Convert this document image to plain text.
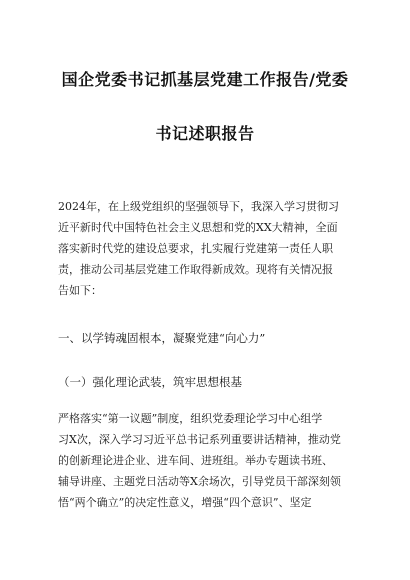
国企党委书记抓基层党建工作报告/党委
书记述职报告
2024年，在上级党组织的坚强领导下，我深入学习贯彻习
近平新时代中国特色社会主义思想和党的XX大精神，全面
落实新时代党的建设总要求，扎实履行党建第一责任人职
责，推动公司基层党建工作取得新成效。现将有关情况报
告如下：
一、以学铸魂固根本，凝聚党建“向心力”
（一）强化理论武装，筑牢思想根基
严格落实“第一议题”制度，组织党委理论学习中心组学
习X次，深入学习习近平总书记系列重要讲话精神，推动党
的创新理论进企业、进车间、进班组。举办专题读书班、
辅导讲座、主题党日活动等X余场次，引导党员干部深刻领
悟“两个确立”的决定性意义，增强“四个意识”、坚定
